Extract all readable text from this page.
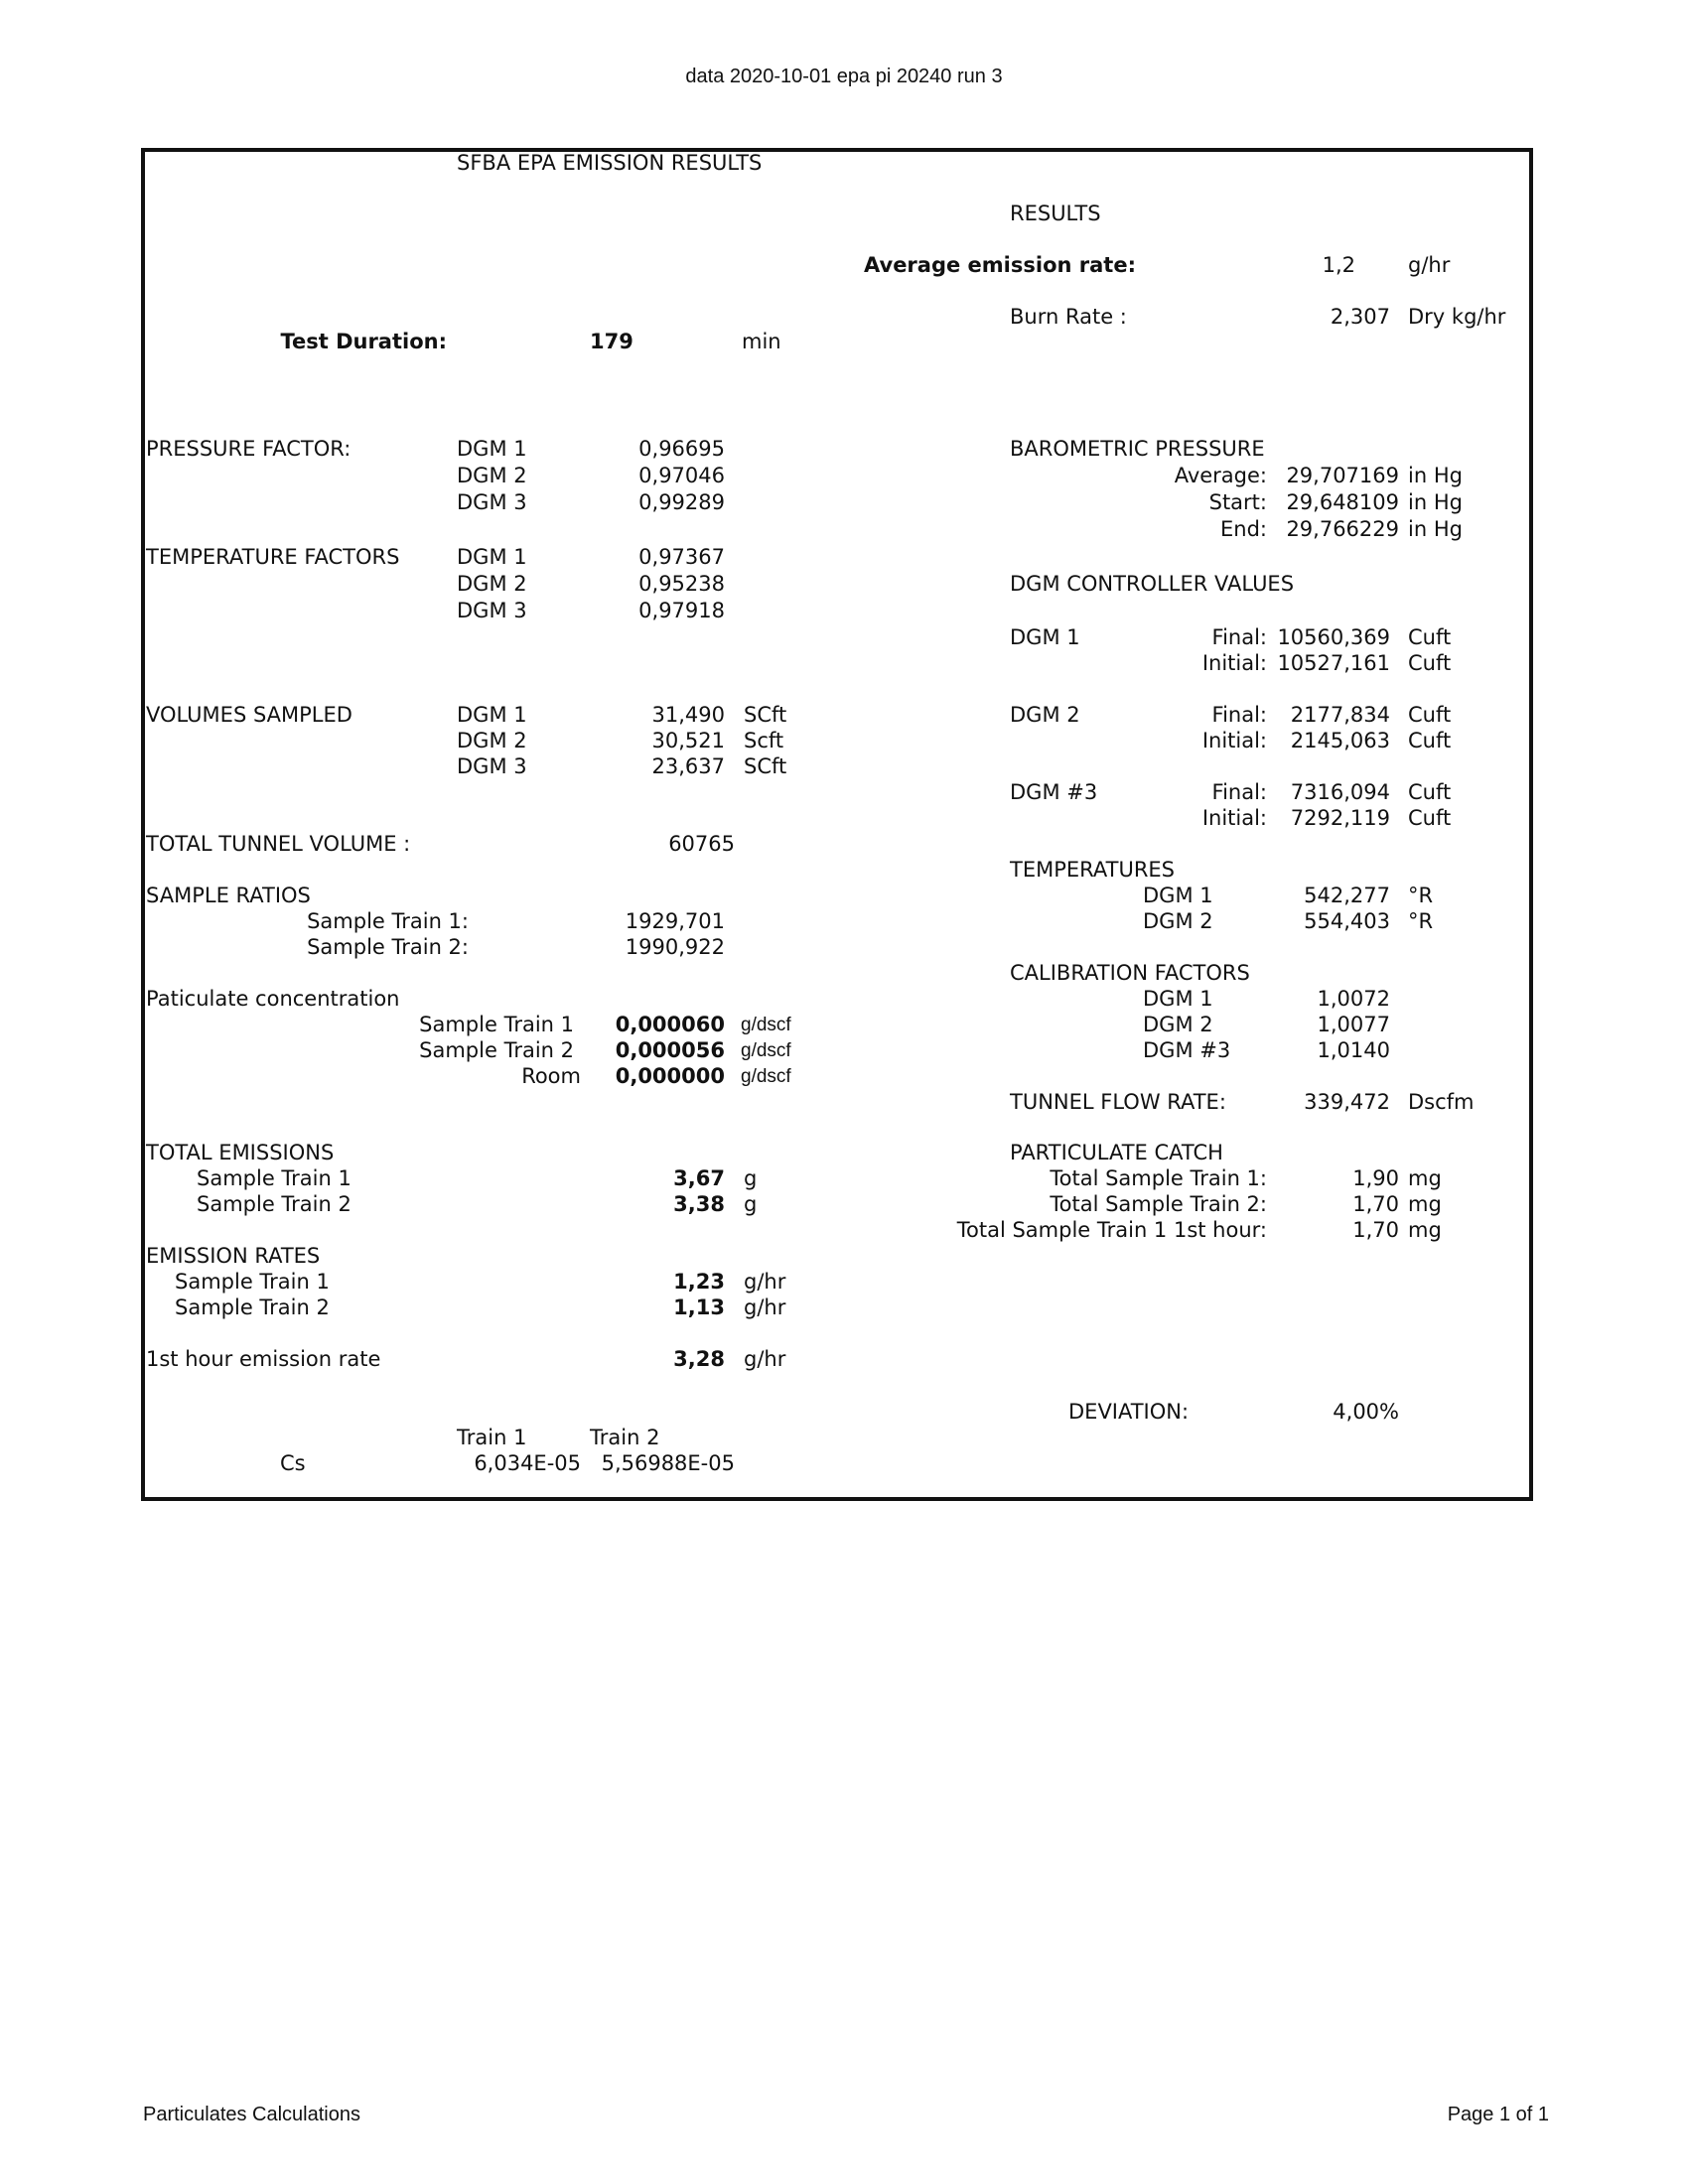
data 2020-10-01 epa pi 20240 run 3
SFBA EPA EMISSION RESULTS
Test Duration:	179	min
PRESSURE FACTOR:	DGM 1	0,96695
DGM 2	0,97046
DGM 3	0,99289
TEMPERATURE FACTORS	DGM 1	0,97367
DGM 2	0,95238
DGM 3	0,97918
VOLUMES SAMPLED	DGM 1	31,490 SCft
DGM 2	30,521 Scft
DGM 3	23,637 SCft
TOTAL TUNNEL VOLUME :	60765
SAMPLE RATIOS
Sample Train 1:	1929,701
Sample Train 2:	1990,922
Paticulate concentration
Sample Train 1 0,000060 g/dscf
Sample Train 2 0,000056 g/dscf
Room 0,000000 g/dscf
TOTAL EMISSIONS
Sample Train 1	3,67 g
Sample Train 2	3,38 g
EMISSION RATES
Sample Train 1	1,23 g/hr
Sample Train 2	1,13 g/hr
1st hour emission rate	3,28 g/hr
Train 1	Train 2
Cs	6,034E-05 5,56988E-05
RESULTS
Average emission rate:	1,2	g/hr
Burn Rate :	2,307 Dry kg/hr
BAROMETRIC PRESSURE
Average: 29,707169 in Hg
Start: 29,648109 in Hg
End: 29,766229 in Hg
DGM CONTROLLER VALUES
DGM 1	Final: 10560,369 Cuft
Initial: 10527,161 Cuft
DGM 2	Final: 2177,834 Cuft
Initial: 2145,063 Cuft
DGM #3	Final: 7316,094 Cuft
Initial: 7292,119 Cuft
TEMPERATURES
DGM 1	542,277 °R
DGM 2	554,403 °R
CALIBRATION FACTORS
DGM 1	1,0072
DGM 2	1,0077
DGM #3	1,0140
TUNNEL FLOW RATE:	339,472 Dscfm
PARTICULATE CATCH
Total Sample Train 1:	1,90 mg
Total Sample Train 2:	1,70 mg
Total Sample Train 1 1st hour:	1,70 mg
DEVIATION:	4,00%
Particulates Calculations	Page 1 of 1
